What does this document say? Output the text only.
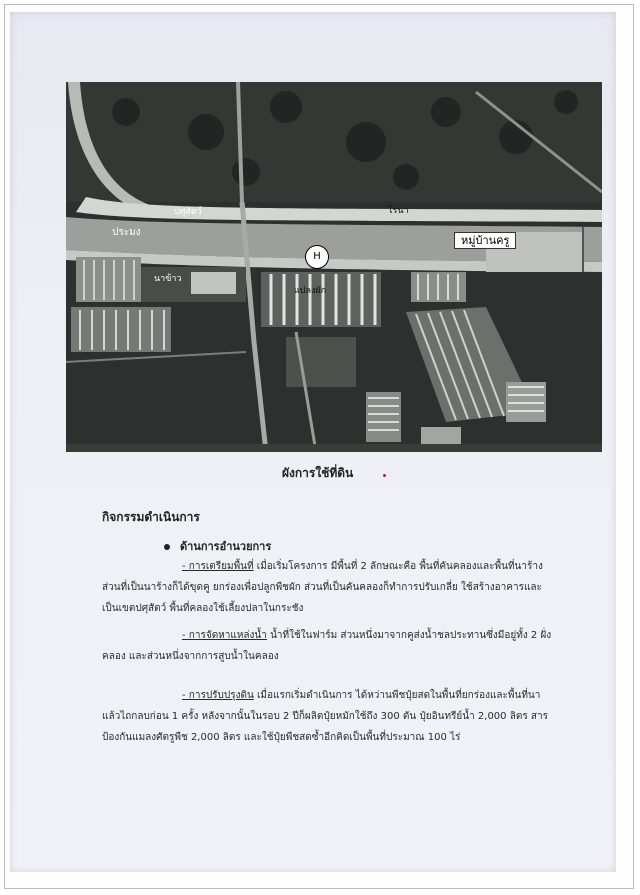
ปศุสัตว์	ไร่นา
ประมง
นาข้าว
แปลงผัก
หมู่บ้านครู
H
ผังการใช้ที่ดิน
กิจกรรมดำเนินการ
ด้านการอำนวยการ
- การเตรียมพื้นที่ เมื่อเริ่มโครงการ มีพื้นที่ 2 ลักษณะคือ พื้นที่คันคลองและพื้นที่นาร้าง
ส่วนที่เป็นนาร้างก็ได้ขุดคู ยกร่องเพื่อปลูกพืชผัก ส่วนที่เป็นคันคลองก็ทำการปรับเกลี่ย ใช้สร้างอาคารและ
เป็นเขตปศุสัตว์ พื้นที่คลองใช้เลี้ยงปลาในกระชัง
- การจัดหาแหล่งน้ำ น้ำที่ใช้ในฟาร์ม ส่วนหนึ่งมาจากคูส่งน้ำชลประทานซึ่งมีอยู่ทั้ง 2 ฝั่ง
คลอง และส่วนหนึ่งจากการสูบน้ำในคลอง
- การปรับปรุงดิน เมื่อแรกเริ่มดำเนินการ ได้หว่านพืชปุ๋ยสดในพื้นที่ยกร่องและพื้นที่นา
แล้วไถกลบก่อน 1 ครั้ง หลังจากนั้นในรอบ 2 ปีก็ผลิตปุ๋ยหมักใช้ถึง 300 ตัน ปุ๋ยอินทรีย์น้ำ 2,000 ลิตร สาร
ป้องกันแมลงศัตรูพืช 2,000 ลิตร และใช้ปุ๋ยพืชสดซ้ำอีกคิดเป็นพื้นที่ประมาณ 100 ไร่
